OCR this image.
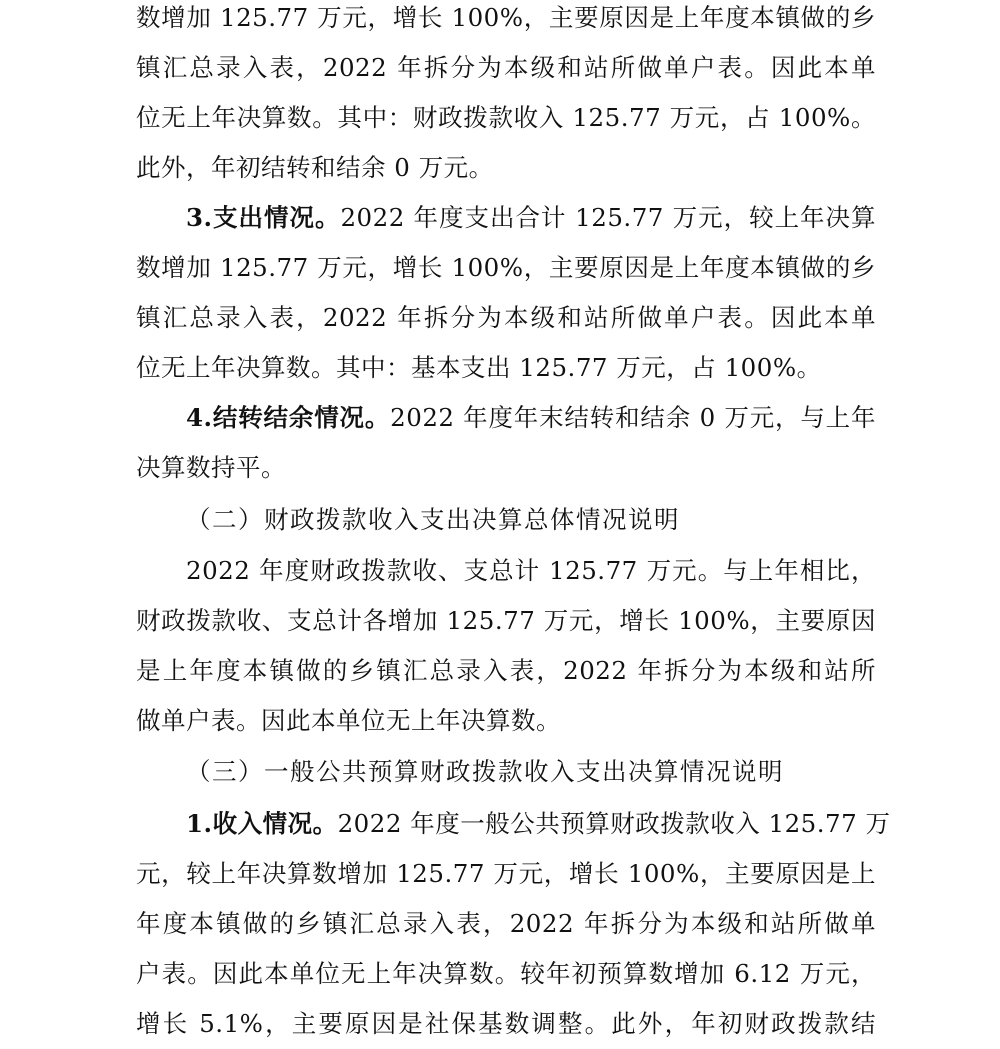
数增加 125.77 万元，增长 100%，主要原因是上年度本镇做的乡
镇汇总录入表，2022 年拆分为本级和站所做单户表。因此本单
位无上年决算数。其中：财政拨款收入 125.77 万元，占 100%。
此外，年初结转和结余 0 万元。
3.支出情况。2022 年度支出合计 125.77 万元，较上年决算
数增加 125.77 万元，增长 100%，主要原因是上年度本镇做的乡
镇汇总录入表，2022 年拆分为本级和站所做单户表。因此本单
位无上年决算数。其中：基本支出 125.77 万元，占 100%。
4.结转结余情况。2022 年度年末结转和结余 0 万元，与上年
决算数持平。
（二）财政拨款收入支出决算总体情况说明
2022 年度财政拨款收、支总计 125.77 万元。与上年相比，
财政拨款收、支总计各增加 125.77 万元，增长 100%，主要原因
是上年度本镇做的乡镇汇总录入表，2022 年拆分为本级和站所
做单户表。因此本单位无上年决算数。
（三）一般公共预算财政拨款收入支出决算情况说明
1.收入情况。2022 年度一般公共预算财政拨款收入 125.77 万
元，较上年决算数增加 125.77 万元，增长 100%，主要原因是上
年度本镇做的乡镇汇总录入表，2022 年拆分为本级和站所做单
户表。因此本单位无上年决算数。较年初预算数增加 6.12 万元，
增长 5.1%，主要原因是社保基数调整。此外，年初财政拨款结
